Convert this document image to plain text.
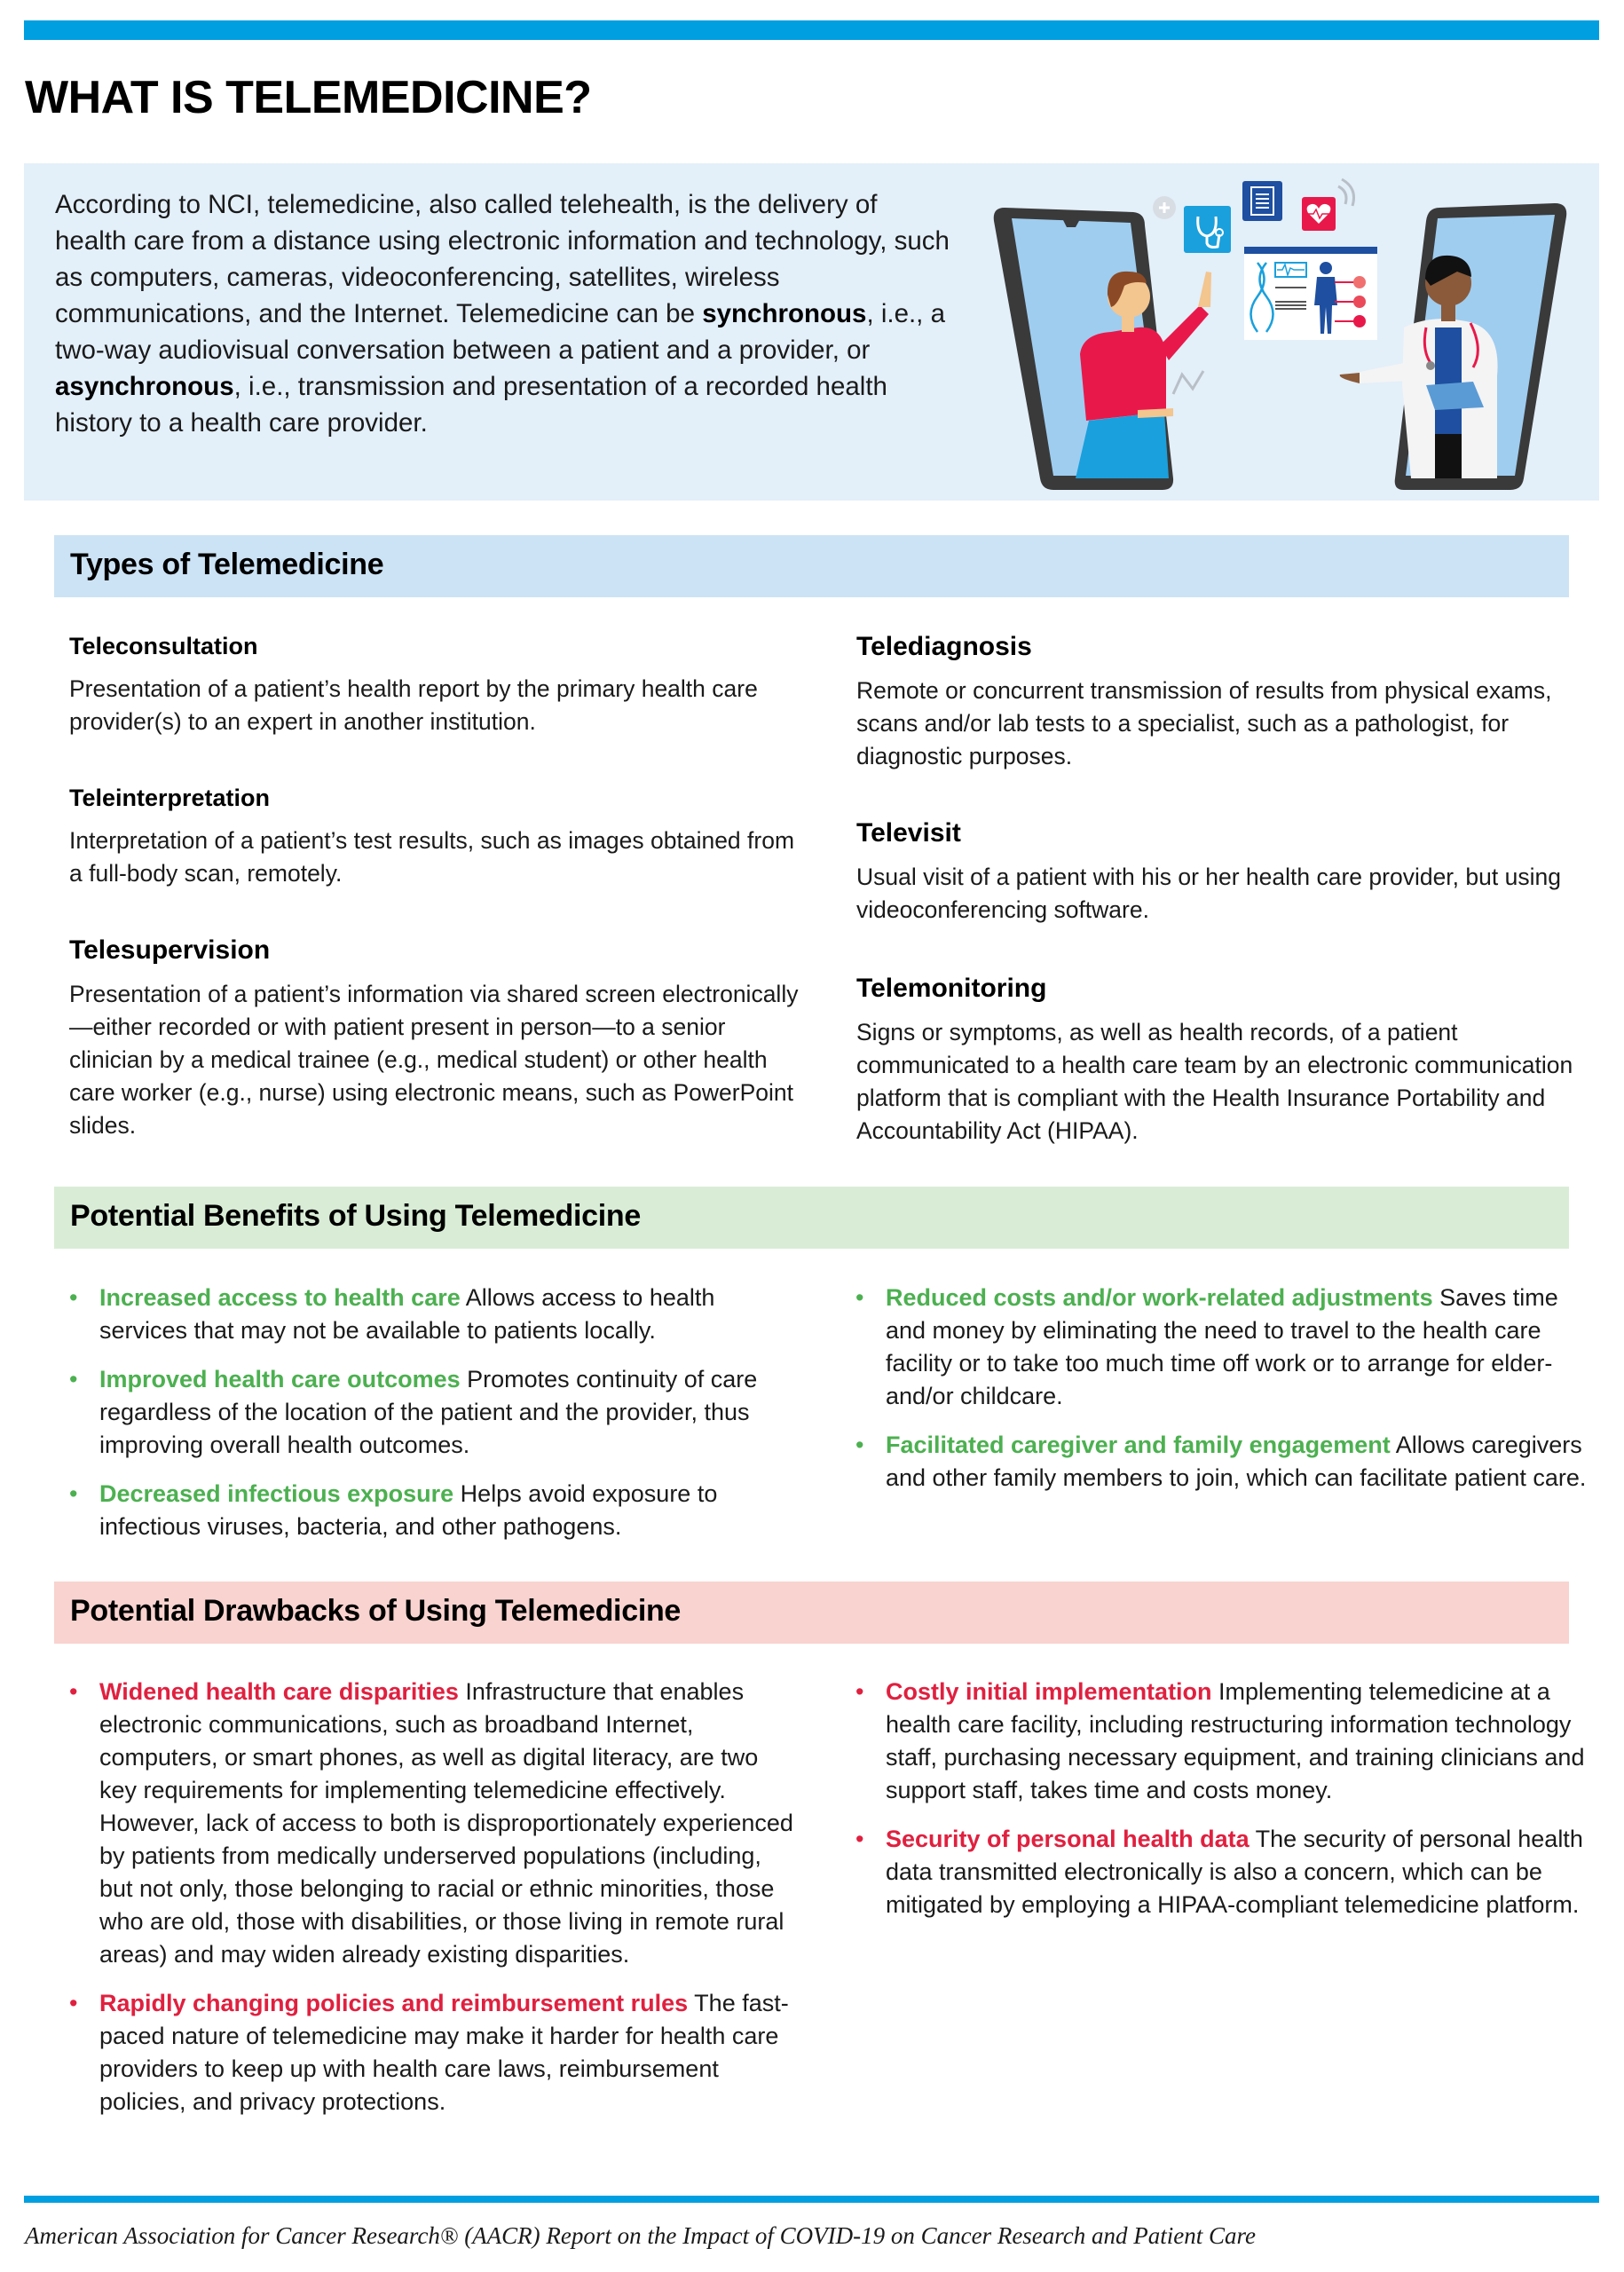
WHAT IS TELEMEDICINE?

According to NCI, telemedicine, also called telehealth, is the delivery of health care from a distance using electronic information and technology, such as computers, cameras, videoconferencing, satellites, wireless communications, and the Internet. Telemedicine can be synchronous, i.e., a two-way audiovisual conversation between a patient and a provider, or asynchronous, i.e., transmission and presentation of a recorded health history to a health care provider.

Types of Telemedicine
Teleconsultation

Presentation of a patient’s health report by the primary health care provider(s) to an expert in another institution.

Teleinterpretation

Interpretation of a patient’s test results, such as images obtained from a full-body scan, remotely.

Telesupervision

Presentation of a patient’s information via shared screen electronically—either recorded or with patient present in person—to a senior clinician by a medical trainee (e.g., medical student) or other health care worker (e.g., nurse) using electronic means, such as PowerPoint slides.

Telediagnosis

Remote or concurrent transmission of results from physical exams, scans and/or lab tests to a specialist, such as a pathologist, for diagnostic purposes.

Televisit

Usual visit of a patient with his or her health care provider, but using videoconferencing software.

Telemonitoring

Signs or symptoms, as well as health records, of a patient communicated to a health care team by an electronic communication platform that is compliant with the Health Insurance Portability and Accountability Act (HIPAA).

Potential Benefits of Using Telemedicine
• Increased access to health care Allows access to health services that may not be available to patients locally.
• Improved health care outcomes Promotes continuity of care regardless of the location of the patient and the provider, thus improving overall health outcomes.
• Decreased infectious exposure Helps avoid exposure to infectious viruses, bacteria, and other pathogens.
• Reduced costs and/or work-related adjustments Saves time and money by eliminating the need to travel to the health care facility or to take too much time off work or to arrange for elder- and/or childcare.
• Facilitated caregiver and family engagement Allows caregivers and other family members to join, which can facilitate patient care.
Potential Drawbacks of Using Telemedicine
• Widened health care disparities Infrastructure that enables electronic communications, such as broadband Internet, computers, or smart phones, as well as digital literacy, are two key requirements for implementing telemedicine effectively. However, lack of access to both is disproportionately experienced by patients from medically underserved populations (including, but not only, those belonging to racial or ethnic minorities, those who are old, those with disabilities, or those living in remote rural areas) and may widen already existing disparities.
• Rapidly changing policies and reimbursement rules The fast-paced nature of telemedicine may make it harder for health care providers to keep up with health care laws, reimbursement policies, and privacy protections.
• Costly initial implementation Implementing telemedicine at a health care facility, including restructuring information technology staff, purchasing necessary equipment, and training clinicians and support staff, takes time and costs money.
• Security of personal health data The security of personal health data transmitted electronically is also a concern, which can be mitigated by employing a HIPAA-compliant telemedicine platform.

American Association for Cancer Research® (AACR) Report on the Impact of COVID-19 on Cancer Research and Patient Care
